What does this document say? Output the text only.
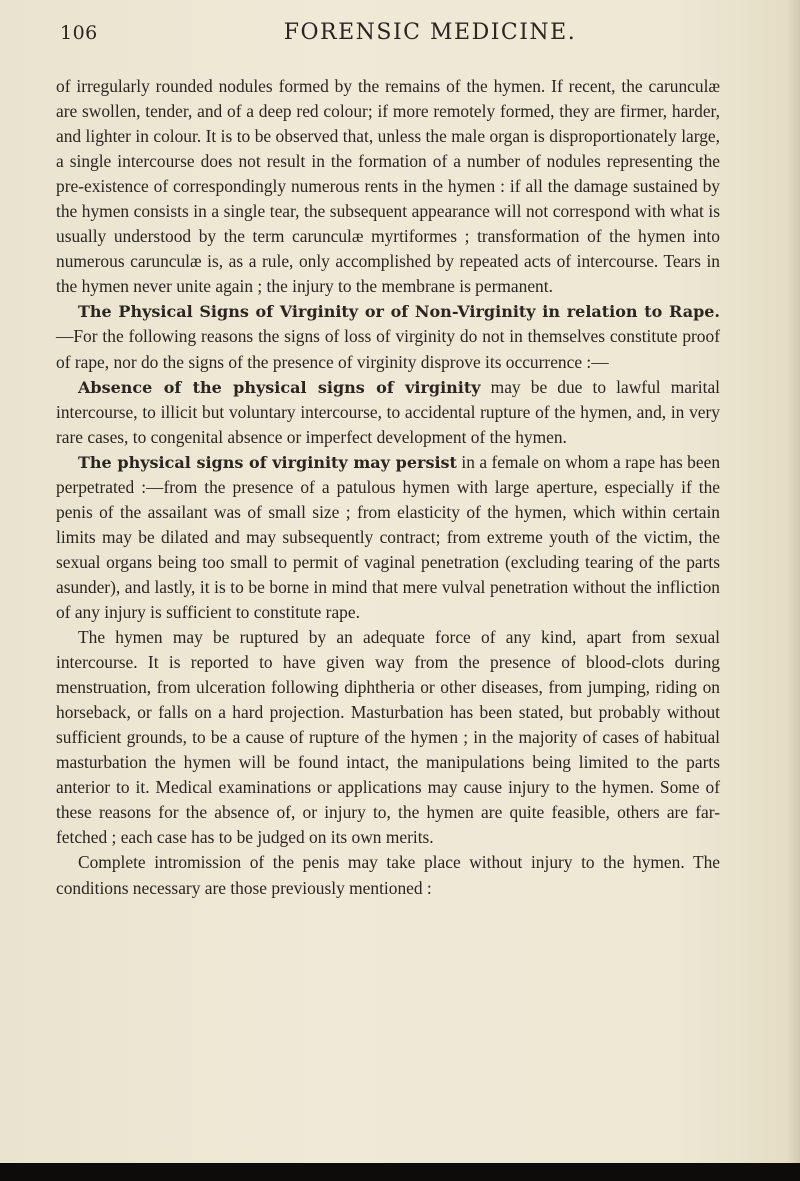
106	FORENSIC MEDICINE.

of irregularly rounded nodules formed by the remains of the hymen. If recent, the carunculæ are swollen, tender, and of a deep red colour; if more remotely formed, they are firmer, harder, and lighter in colour. It is to be observed that, unless the male organ is disproportionately large, a single intercourse does not result in the formation of a number of nodules representing the pre-existence of correspondingly numerous rents in the hymen : if all the damage sustained by the hymen consists in a single tear, the subsequent appearance will not correspond with what is usually understood by the term carunculæ myrtiformes ; transformation of the hymen into numerous carunculæ is, as a rule, only accomplished by repeated acts of intercourse. Tears in the hymen never unite again ; the injury to the membrane is permanent.

The Physical Signs of Virginity or of Non-Virginity in relation to Rape.—For the following reasons the signs of loss of virginity do not in themselves constitute proof of rape, nor do the signs of the presence of virginity disprove its occurrence :—

Absence of the physical signs of virginity may be due to lawful marital intercourse, to illicit but voluntary intercourse, to accidental rupture of the hymen, and, in very rare cases, to congenital absence or imperfect development of the hymen.

The physical signs of virginity may persist in a female on whom a rape has been perpetrated :—from the presence of a patulous hymen with large aperture, especially if the penis of the assailant was of small size ; from elasticity of the hymen, which within certain limits may be dilated and may subsequently contract; from extreme youth of the victim, the sexual organs being too small to permit of vaginal penetration (excluding tearing of the parts asunder), and lastly, it is to be borne in mind that mere vulval penetration without the infliction of any injury is sufficient to constitute rape.

The hymen may be ruptured by an adequate force of any kind, apart from sexual intercourse. It is reported to have given way from the presence of blood-clots during menstruation, from ulceration following diphtheria or other diseases, from jumping, riding on horseback, or falls on a hard projection. Masturbation has been stated, but probably without sufficient grounds, to be a cause of rupture of the hymen ; in the majority of cases of habitual masturbation the hymen will be found intact, the manipulations being limited to the parts anterior to it. Medical examinations or applications may cause injury to the hymen. Some of these reasons for the absence of, or injury to, the hymen are quite feasible, others are far-fetched ; each case has to be judged on its own merits.

Complete intromission of the penis may take place without injury to the hymen. The conditions necessary are those previously mentioned :
